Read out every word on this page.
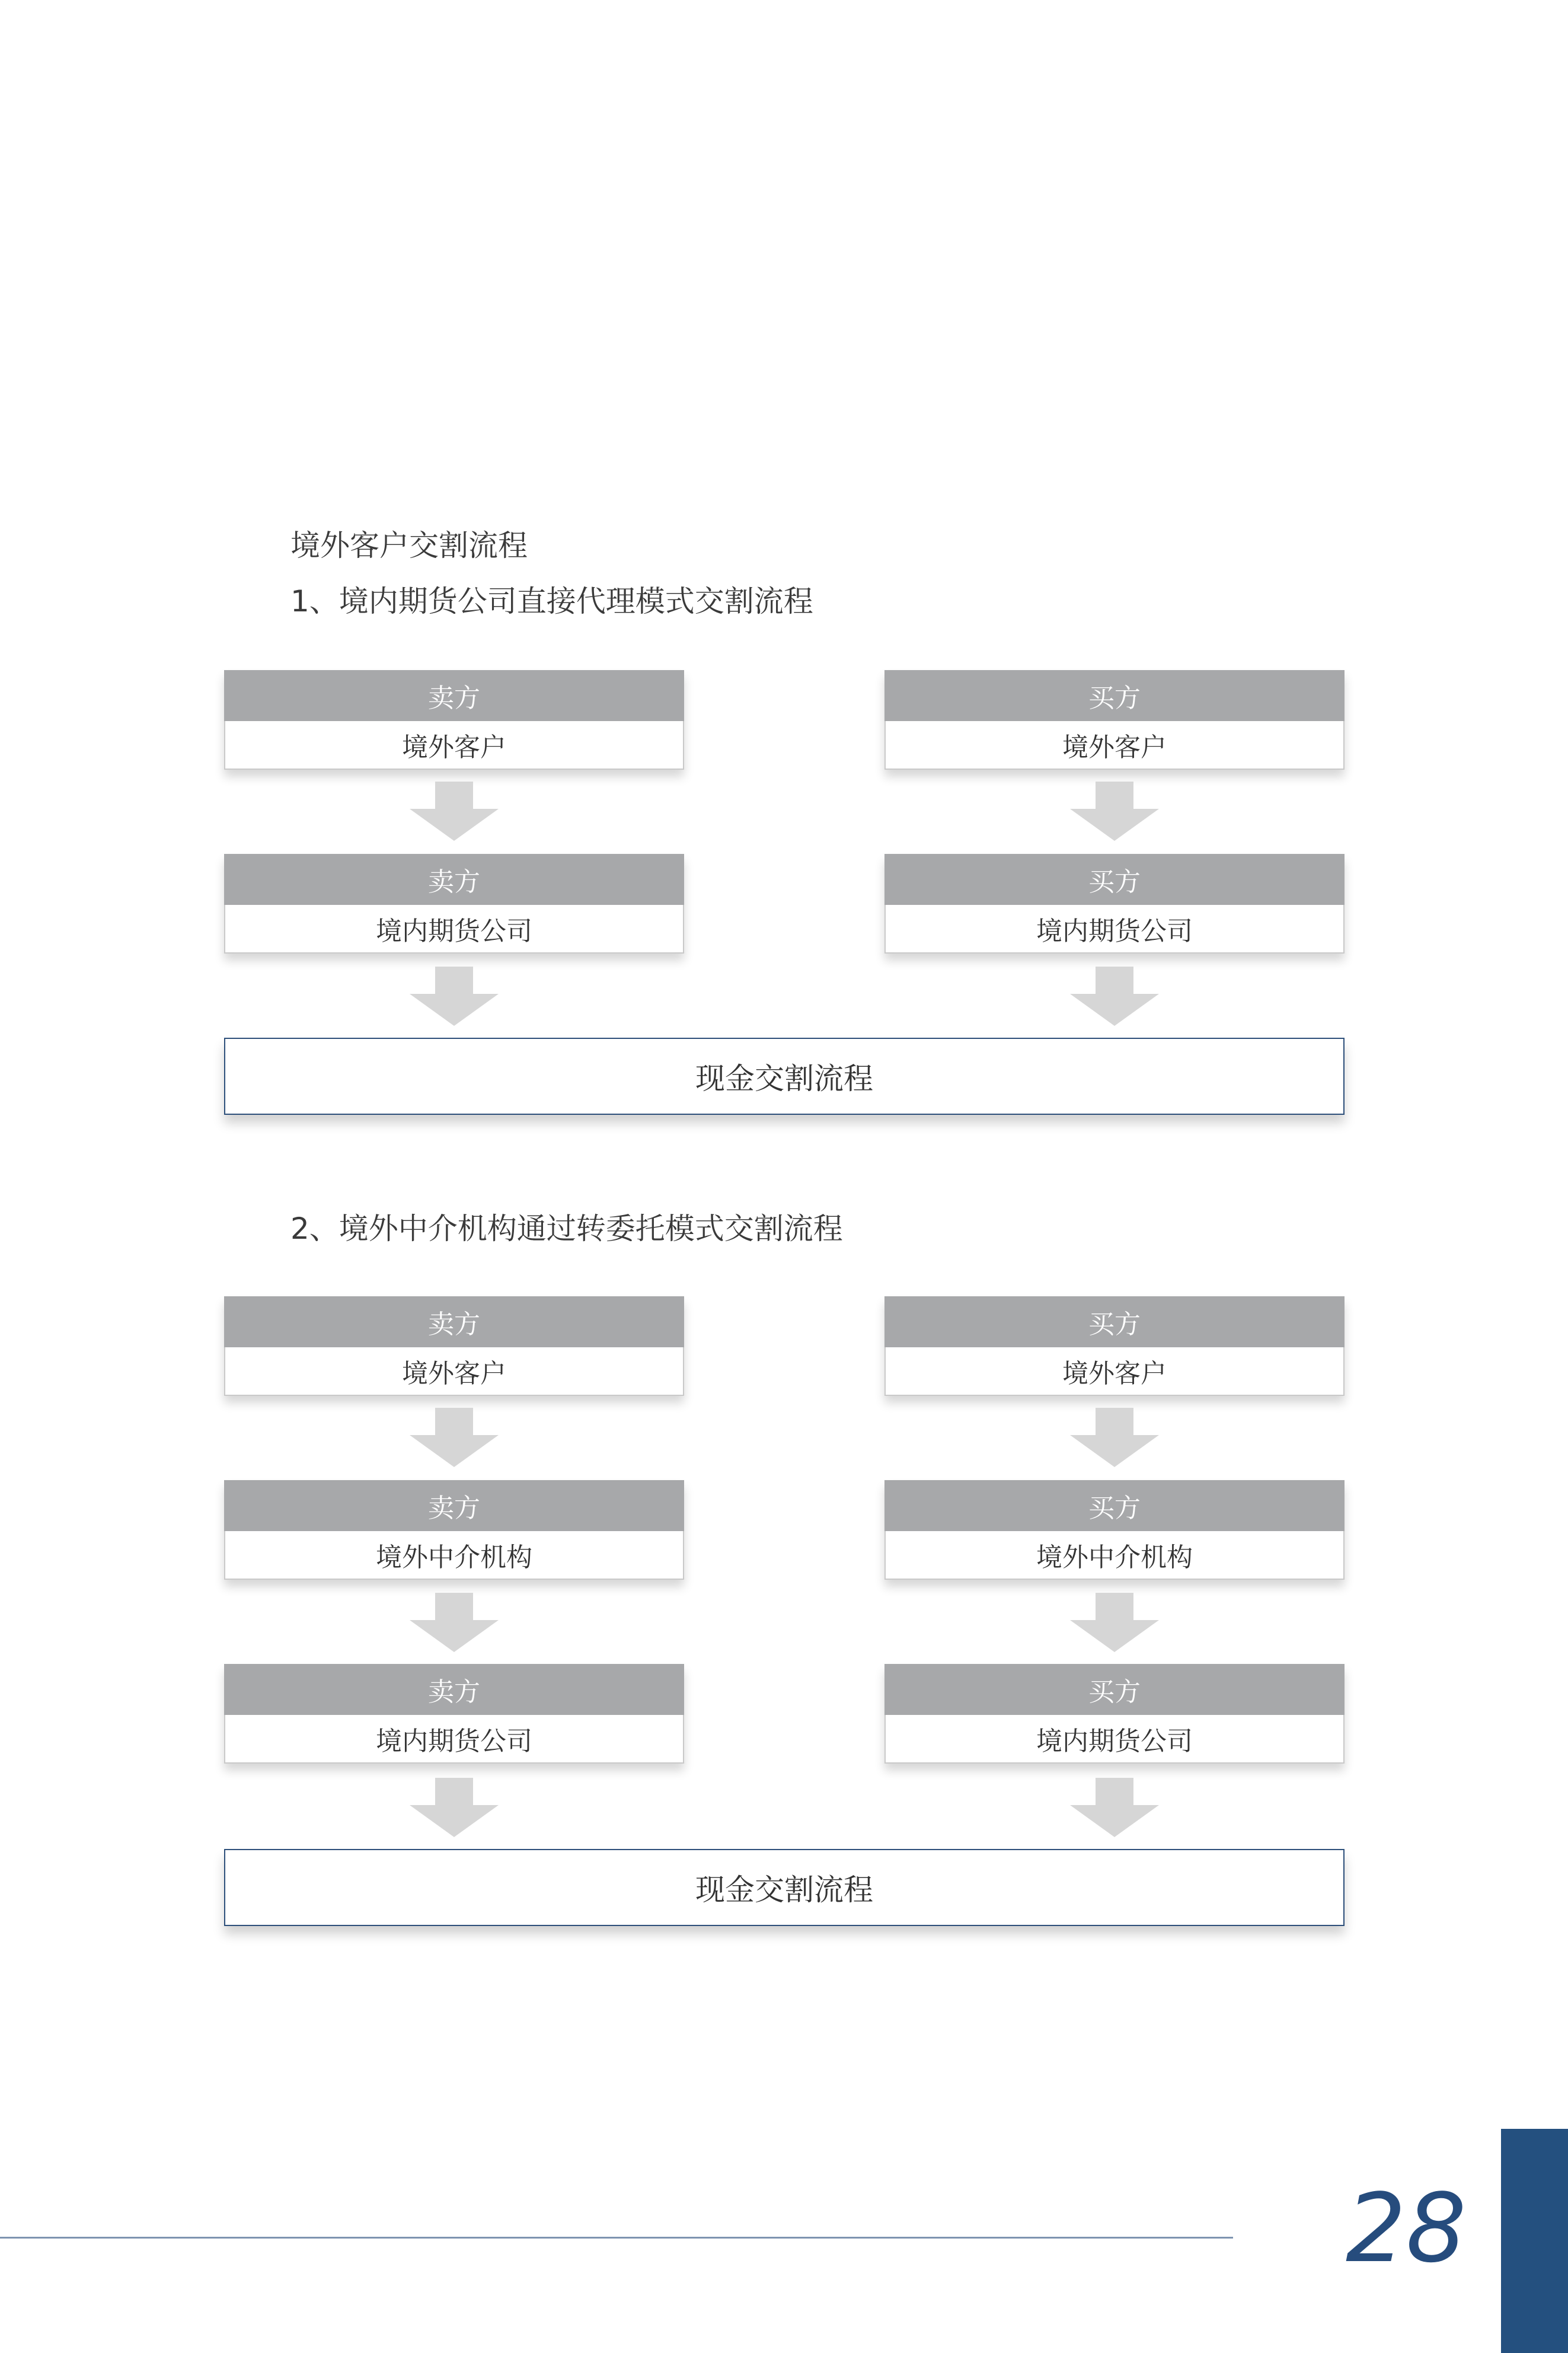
境外客户交割流程
1、境内期货公司直接代理模式交割流程
卖方
境外客户
卖方
境内期货公司
买方
境外客户
买方
境内期货公司
现金交割流程
2、境外中介机构通过转委托模式交割流程
卖方
境外客户
卖方
境外中介机构
卖方
境内期货公司
买方
境外客户
买方
境外中介机构
买方
境内期货公司
现金交割流程
28
